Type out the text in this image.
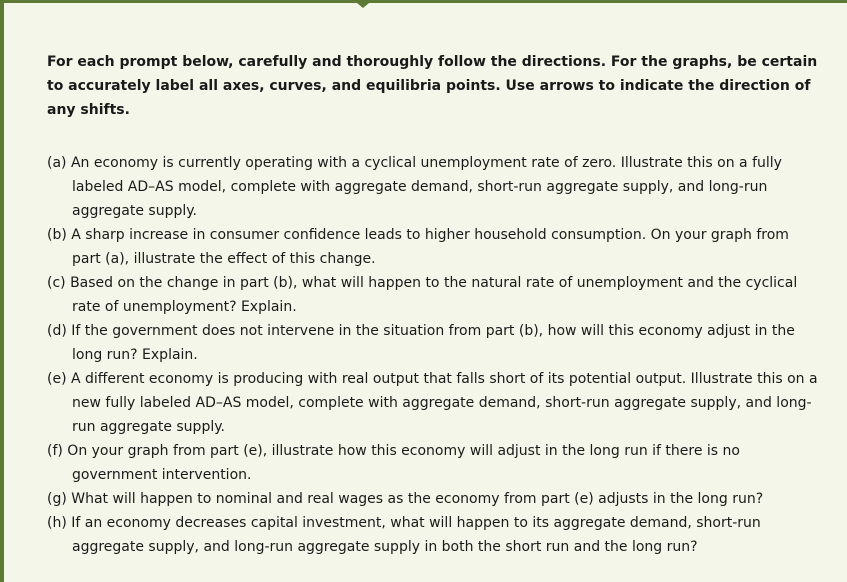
For each prompt below, carefully and thoroughly follow the directions. For the graphs, be certain to accurately label all axes, curves, and equilibria points. Use arrows to indicate the direction of any shifts.

(a) An economy is currently operating with a cyclical unemployment rate of zero. Illustrate this on a fully labeled AD–AS model, complete with aggregate demand, short-run aggregate supply, and long-run aggregate supply.
(b) A sharp increase in consumer confidence leads to higher household consumption. On your graph from part (a), illustrate the effect of this change.
(c) Based on the change in part (b), what will happen to the natural rate of unemployment and the cyclical rate of unemployment? Explain.
(d) If the government does not intervene in the situation from part (b), how will this economy adjust in the long run? Explain.
(e) A different economy is producing with real output that falls short of its potential output. Illustrate this on a new fully labeled AD–AS model, complete with aggregate demand, short-run aggregate supply, and long-run aggregate supply.
(f) On your graph from part (e), illustrate how this economy will adjust in the long run if there is no government intervention.
(g) What will happen to nominal and real wages as the economy from part (e) adjusts in the long run?
(h) If an economy decreases capital investment, what will happen to its aggregate demand, short-run aggregate supply, and long-run aggregate supply in both the short run and the long run?
